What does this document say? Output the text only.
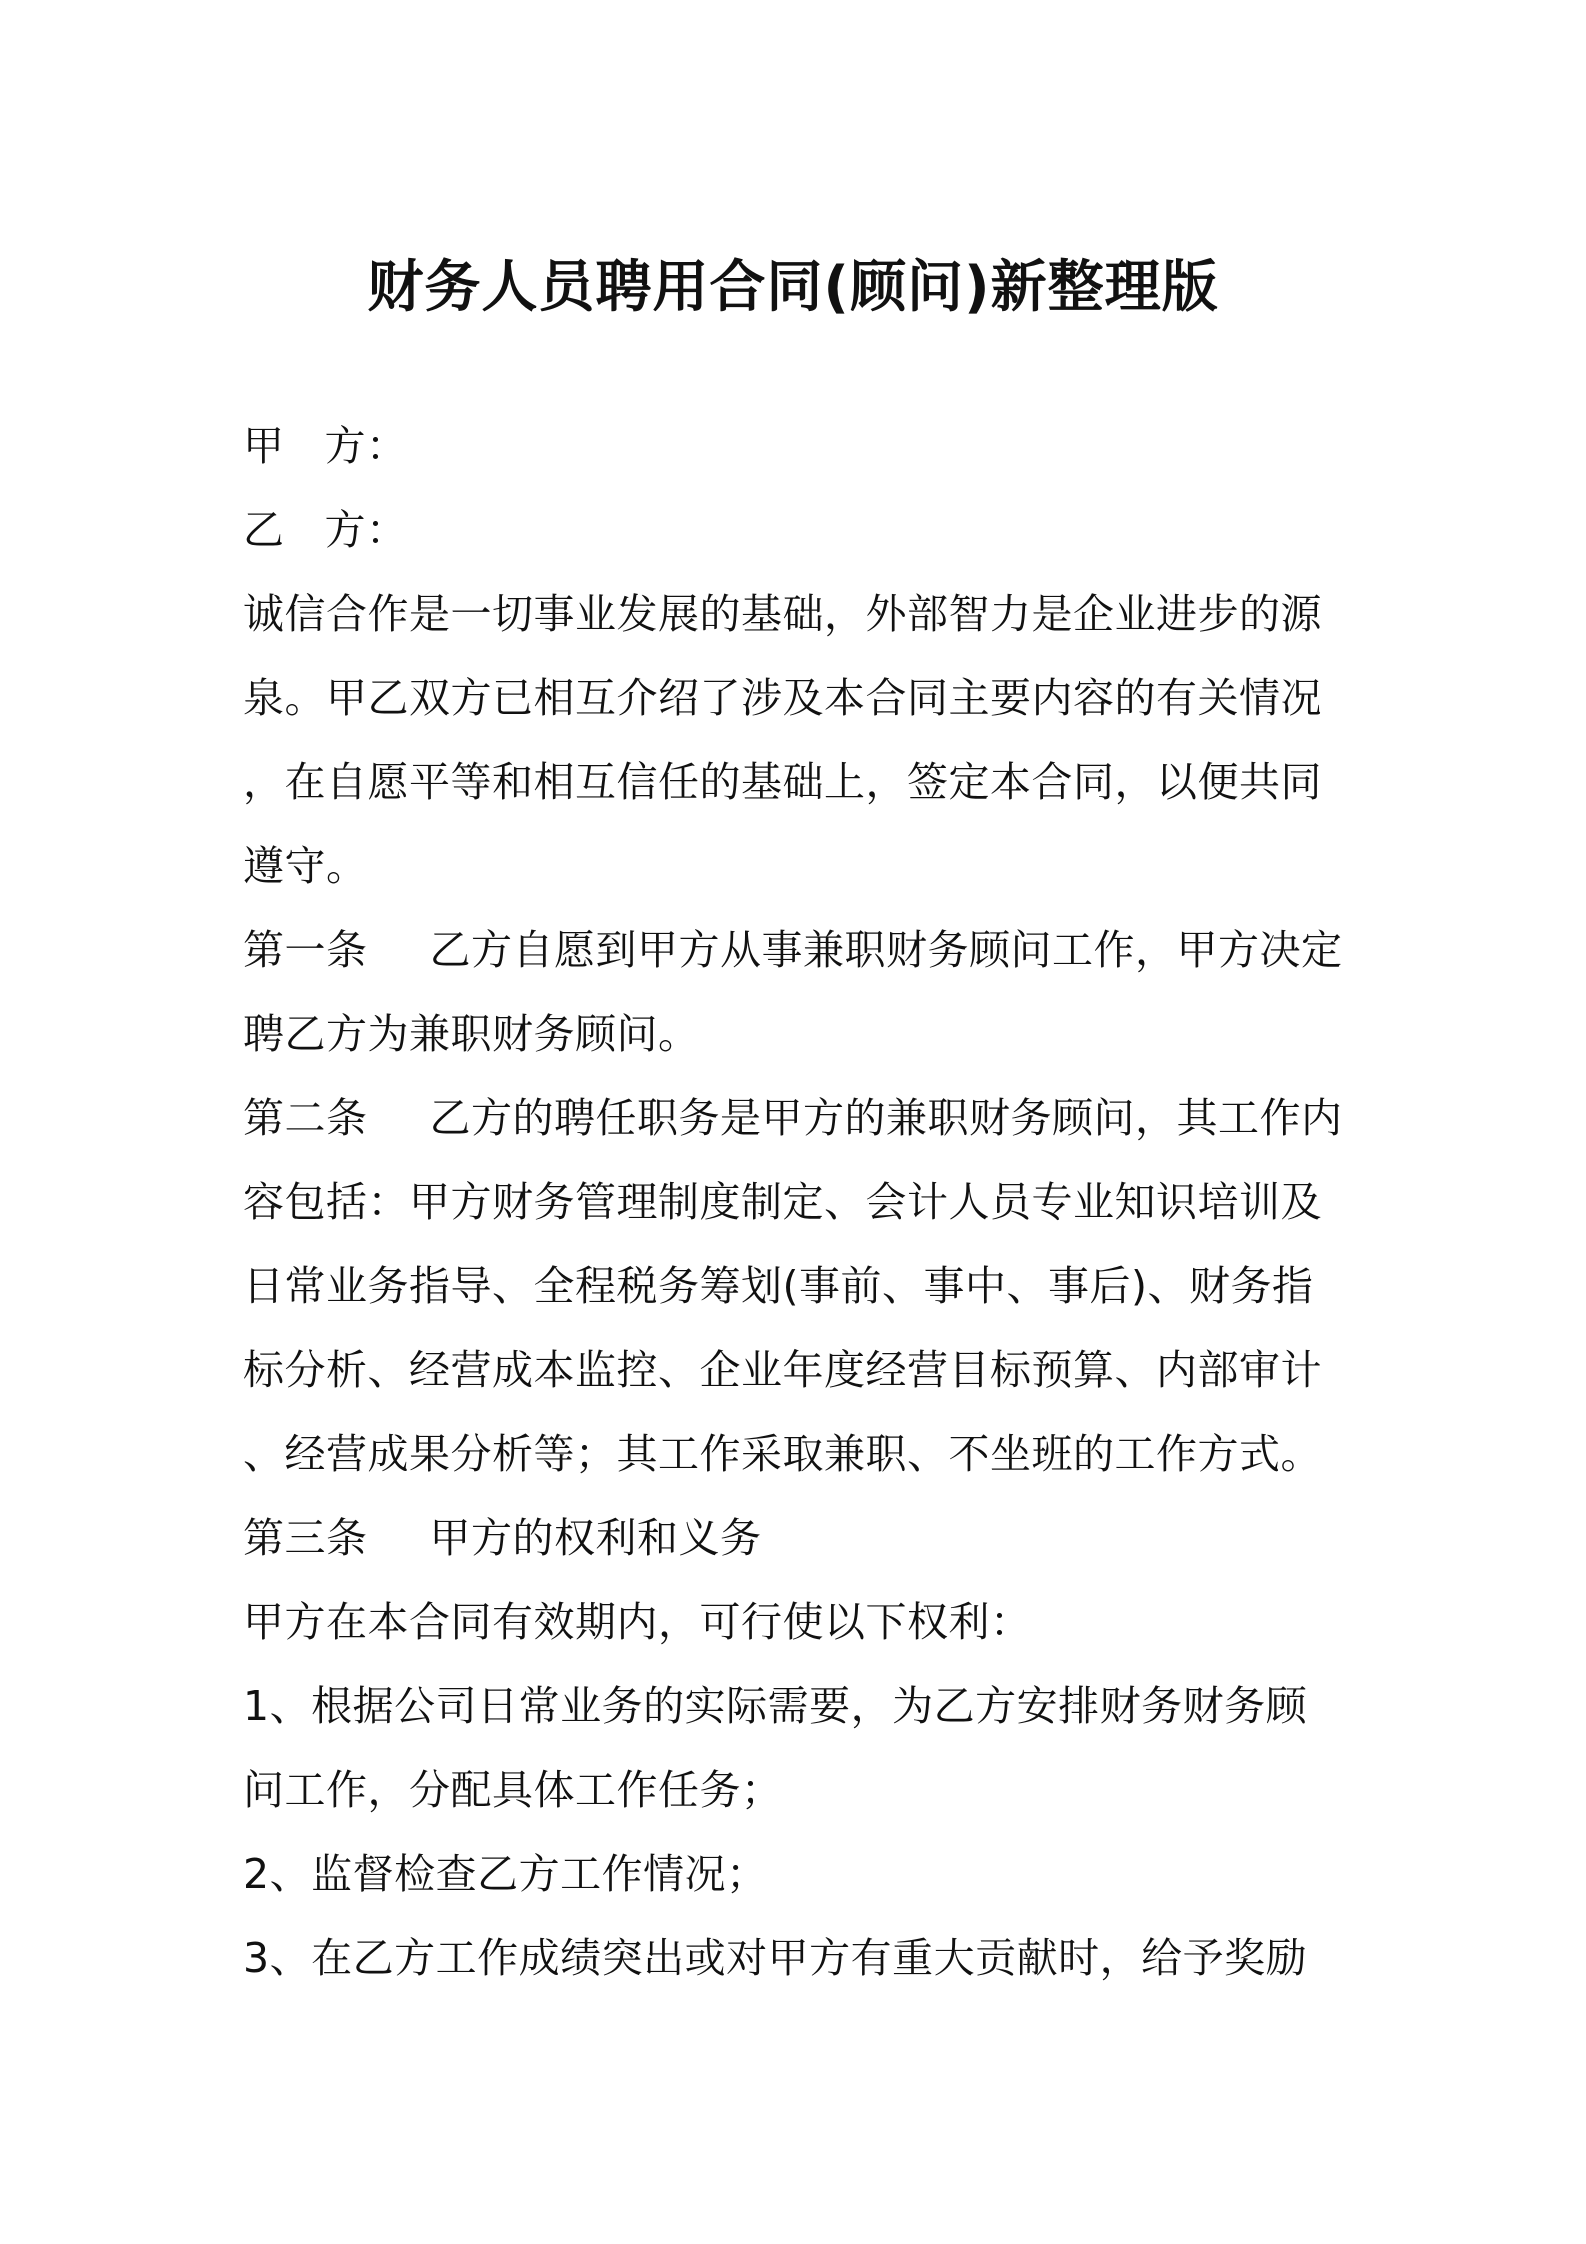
财务人员聘用合同(顾问)新整理版
甲 方：
乙 方：
诚信合作是一切事业发展的基础，外部智力是企业进步的源
泉。甲乙双方已相互介绍了涉及本合同主要内容的有关情况
，在自愿平等和相互信任的基础上，签定本合同，以便共同
遵守。
第一条 乙方自愿到甲方从事兼职财务顾问工作，甲方决定
聘乙方为兼职财务顾问。
第二条 乙方的聘任职务是甲方的兼职财务顾问，其工作内
容包括：甲方财务管理制度制定、会计人员专业知识培训及
日常业务指导、全程税务筹划(事前、事中、事后)、财务指
标分析、经营成本监控、企业年度经营目标预算、内部审计
、经营成果分析等；其工作采取兼职、不坐班的工作方式。
第三条 甲方的权利和义务
甲方在本合同有效期内，可行使以下权利：
1、根据公司日常业务的实际需要，为乙方安排财务财务顾
问工作，分配具体工作任务；
2、监督检查乙方工作情况；
3、在乙方工作成绩突出或对甲方有重大贡献时，给予奖励
